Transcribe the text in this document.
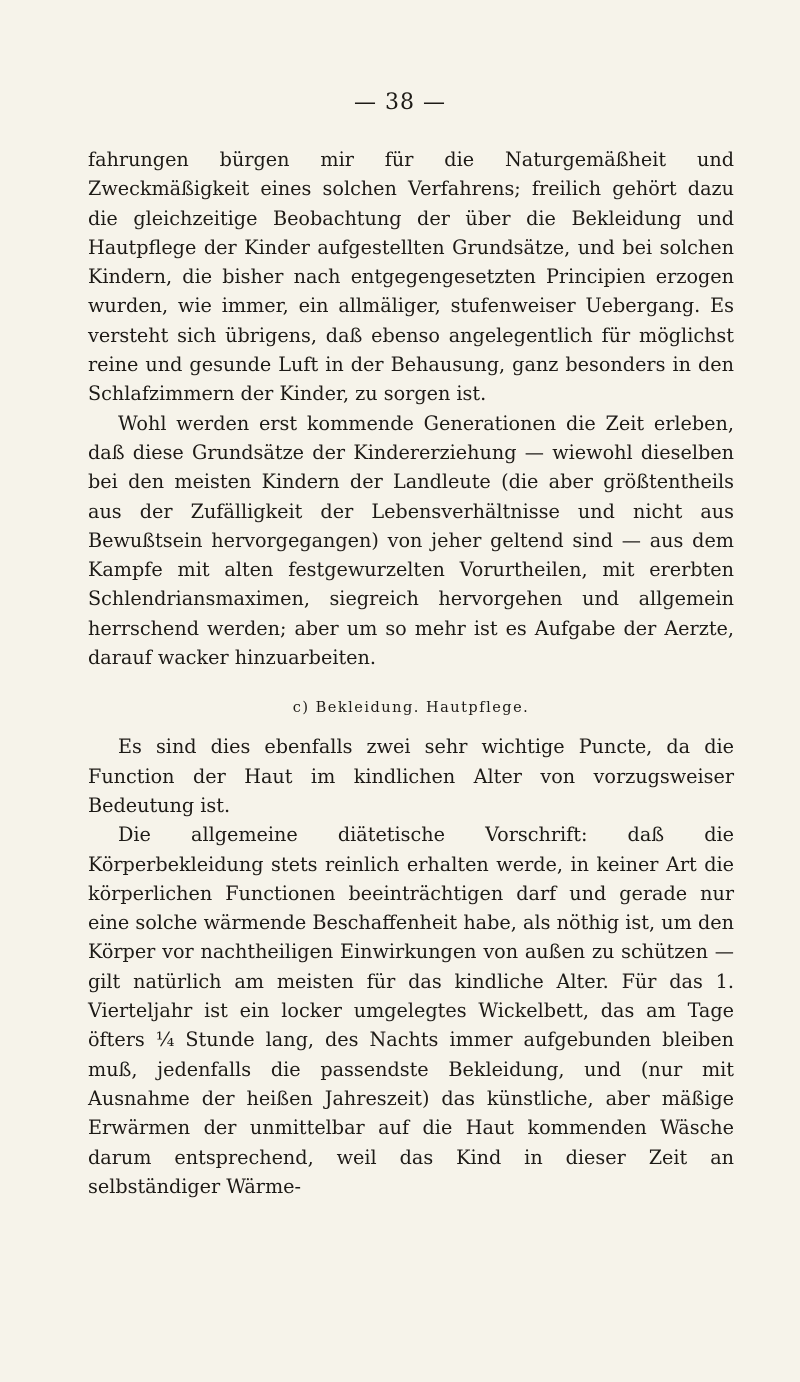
— 38 —

fahrungen bürgen mir für die Naturgemäßheit und Zweckmäßigkeit eines solchen Verfahrens; freilich gehört dazu die gleichzeitige Beobachtung der über die Bekleidung und Hautpflege der Kinder aufgestellten Grundsätze, und bei solchen Kindern, die bisher nach entgegengesetzten Principien erzogen wurden, wie immer, ein allmäliger, stufenweiser Uebergang. Es versteht sich übrigens, daß ebenso angelegentlich für möglichst reine und gesunde Luft in der Behausung, ganz besonders in den Schlafzimmern der Kinder, zu sorgen ist.

Wohl werden erst kommende Generationen die Zeit erleben, daß diese Grundsätze der Kindererziehung — wiewohl dieselben bei den meisten Kindern der Landleute (die aber größtentheils aus der Zufälligkeit der Lebensverhältnisse und nicht aus Bewußtsein hervorgegangen) von jeher geltend sind — aus dem Kampfe mit alten festgewurzelten Vorurtheilen, mit ererbten Schlendriansmaximen, siegreich hervorgehen und allgemein herrschend werden; aber um so mehr ist es Aufgabe der Aerzte, darauf wacker hinzuarbeiten.

c) Bekleidung. Hautpflege.

Es sind dies ebenfalls zwei sehr wichtige Puncte, da die Function der Haut im kindlichen Alter von vorzugsweiser Bedeutung ist.

Die allgemeine diätetische Vorschrift: daß die Körperbekleidung stets reinlich erhalten werde, in keiner Art die körperlichen Functionen beeinträchtigen darf und gerade nur eine solche wärmende Beschaffenheit habe, als nöthig ist, um den Körper vor nachtheiligen Einwirkungen von außen zu schützen — gilt natürlich am meisten für das kindliche Alter. Für das 1. Vierteljahr ist ein locker umgelegtes Wickelbett, das am Tage öfters ¼ Stunde lang, des Nachts immer aufgebunden bleiben muß, jedenfalls die passendste Bekleidung, und (nur mit Ausnahme der heißen Jahreszeit) das künstliche, aber mäßige Erwärmen der unmittelbar auf die Haut kommenden Wäsche darum entsprechend, weil das Kind in dieser Zeit an selbständiger Wärme-
